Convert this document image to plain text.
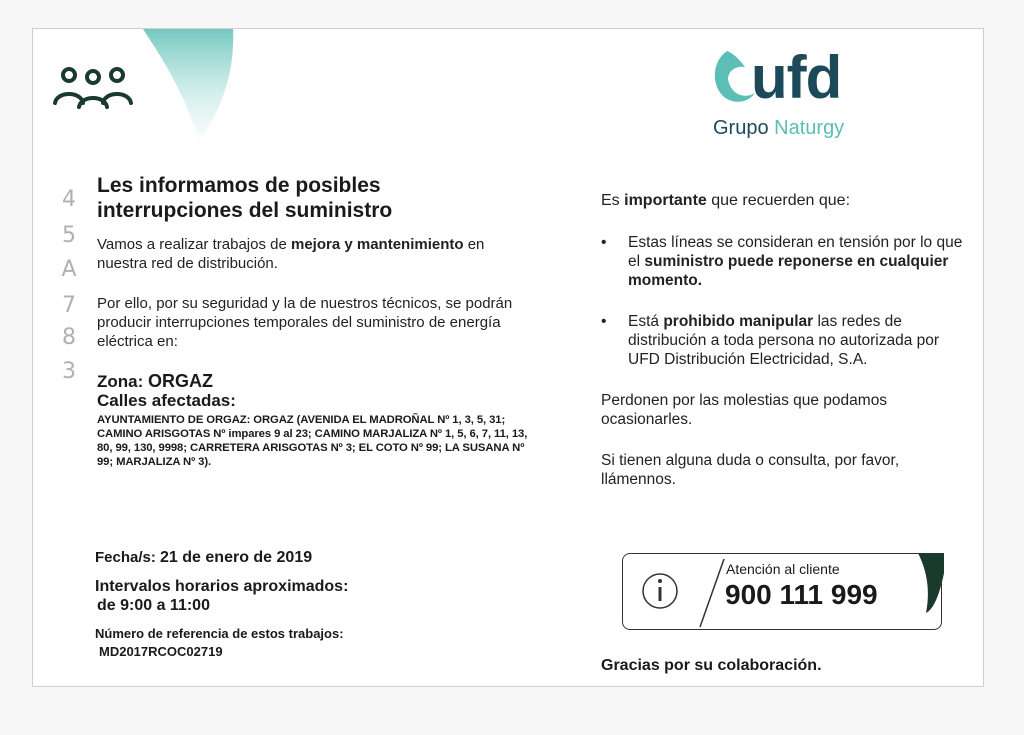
ufd
Grupo Naturgy
4
5
A
7
8
3
Les informamos de posibles interrupciones del suministro
Vamos a realizar trabajos de mejora y mantenimiento en nuestra red de distribución.
Por ello, por su seguridad y la de nuestros técnicos, se podrán producir interrupciones temporales del suministro de energía eléctrica en:
Zona: ORGAZ
Calles afectadas:
AYUNTAMIENTO DE ORGAZ: ORGAZ (AVENIDA EL MADROÑAL Nº 1, 3, 5, 31; CAMINO ARISGOTAS Nº impares 9 al 23; CAMINO MARJALIZA Nº 1, 5, 6, 7, 11, 13, 80, 99, 130, 9998; CARRETERA ARISGOTAS Nº 3; EL COTO Nº 99; LA SUSANA Nº 99; MARJALIZA Nº 3).
Fecha/s: 21 de enero de 2019
Intervalos horarios aproximados:
de 9:00 a 11:00
Número de referencia de estos trabajos:
MD2017RCOC02719
Es importante que recuerden que:
• Estas líneas se consideran en tensión por lo que el suministro puede reponerse en cualquier momento.
• Está prohibido manipular las redes de distribución a toda persona no autorizada por UFD Distribución Electricidad, S.A.
Perdonen por las molestias que podamos ocasionarles.
Si tienen alguna duda o consulta, por favor, llámennos.
Atención al cliente
900 111 999
Gracias por su colaboración.
